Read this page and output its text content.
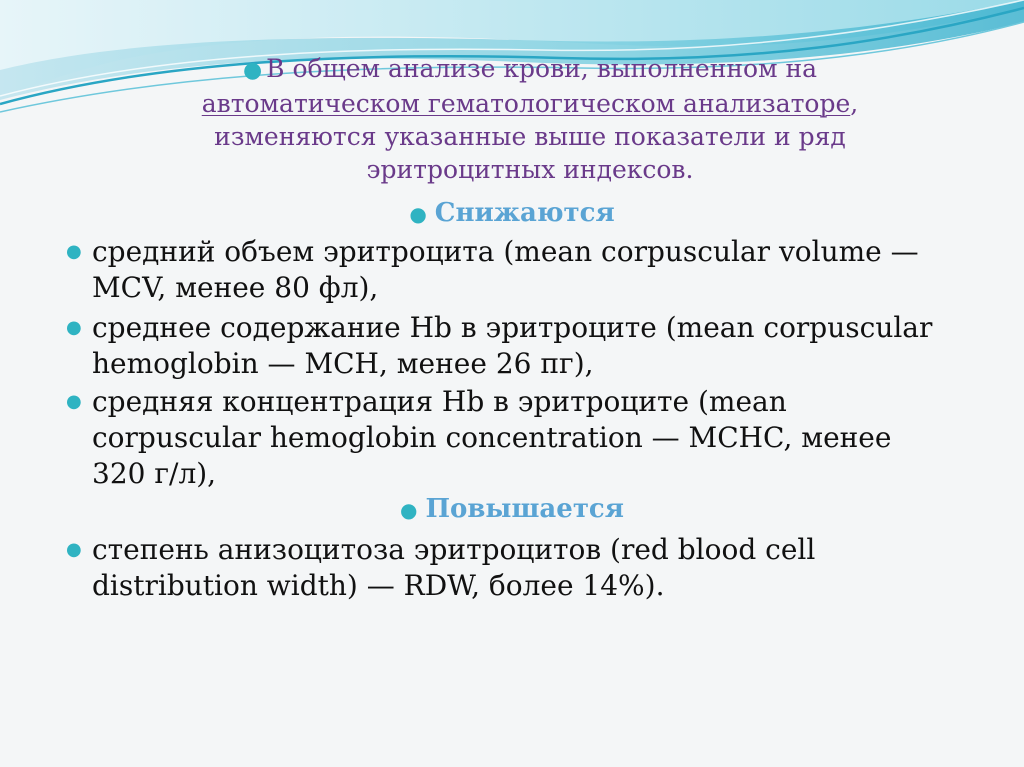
● В общем анализе крови, выполненном на
автоматическом гематологическом анализаторе,
изменяются указанные выше показатели и ряд эритроцитных индексов.
● Снижаются
● средний объем эритроцита (mean corpuscular volume — MCV, менее 80 фл),
● среднее содержание Hb в эритроците (mean corpuscular hemoglobin — MCH, менее 26 пг),
● средняя концентрация Hb в эритроците (mean corpuscular hemoglobin concentration — MCHC, менее 320 г/л),
● Повышается
● степень анизоцитоза эритроцитов (red blood cell distribution width) — RDW, более 14%).
